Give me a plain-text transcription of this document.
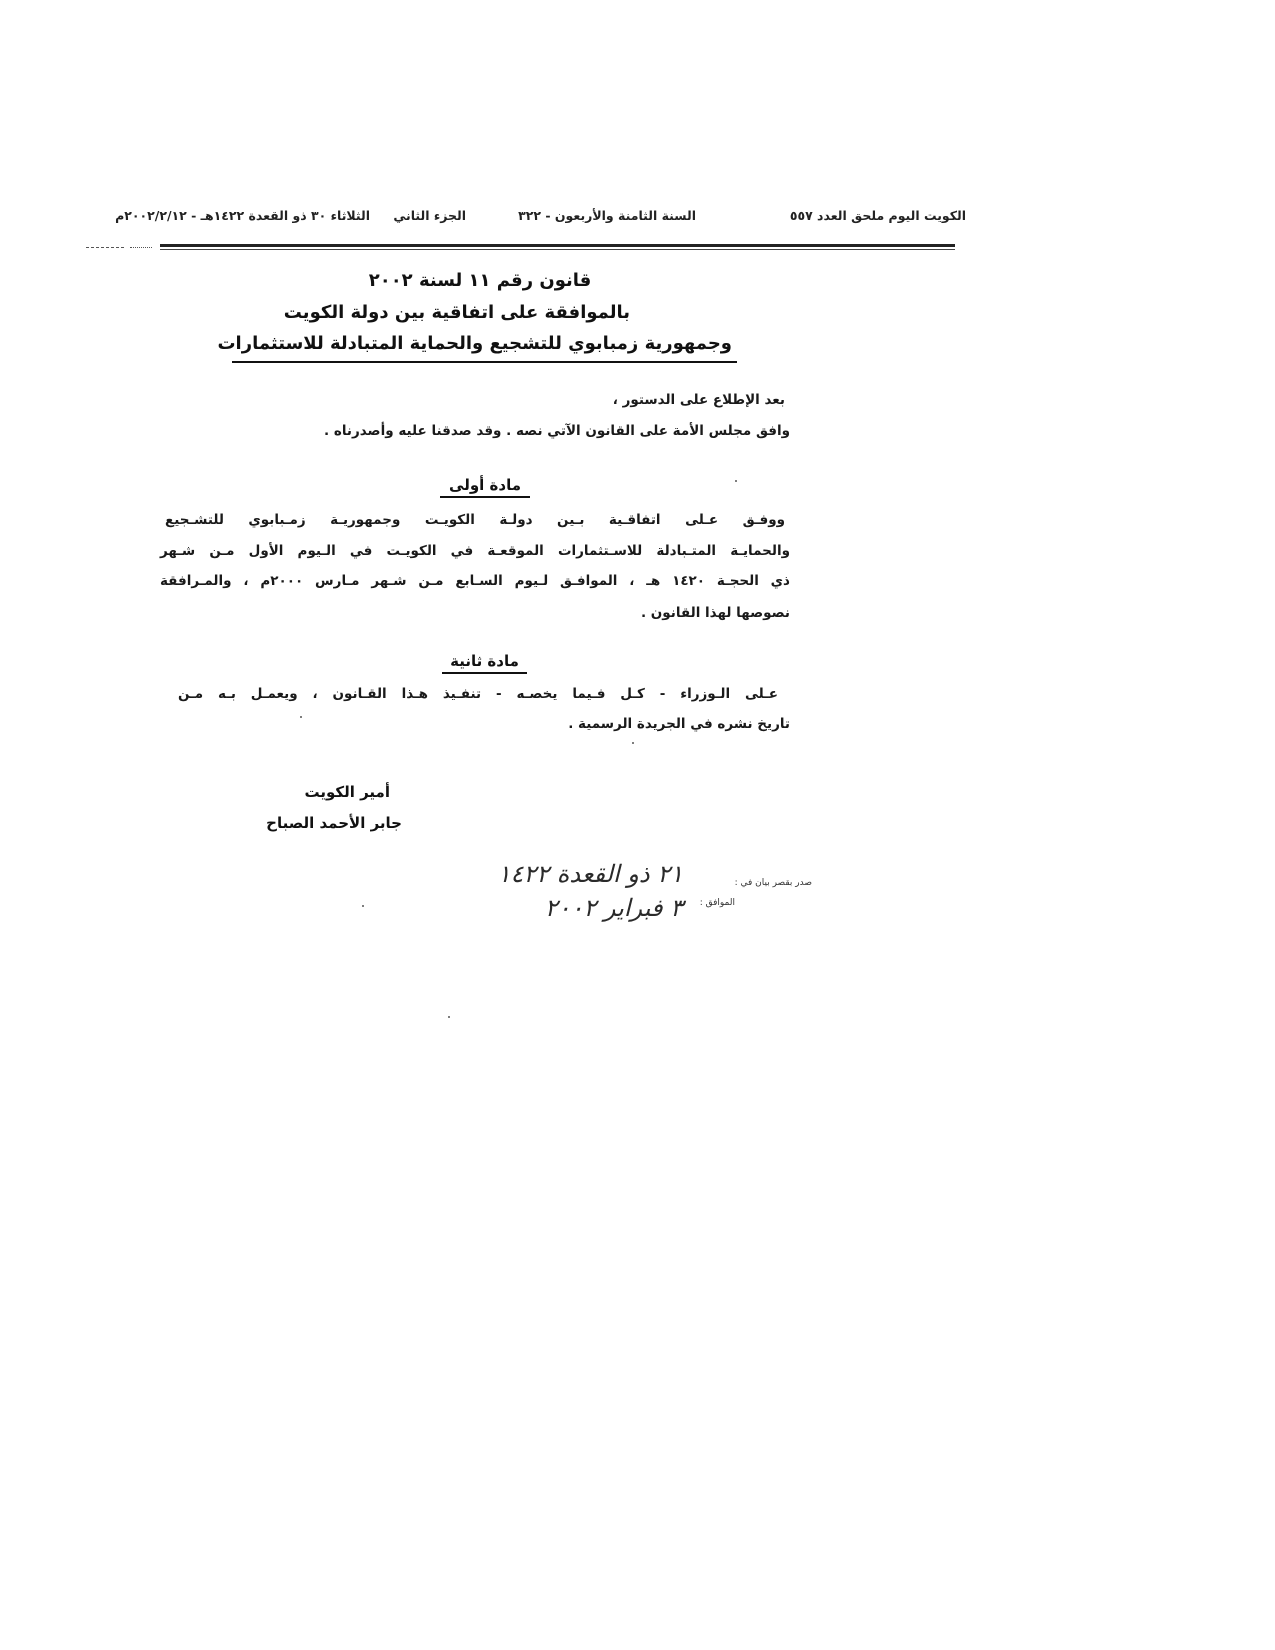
الكويت اليوم ملحق العدد ٥٥٧
السنة الثامنة والأربعون - ٣٢٢
الجزء الثاني
الثلاثاء ٣٠ ذو القعدة ١٤٢٢هـ - ٢٠٠٢/٢/١٢م
قانون رقم ١١ لسنة ٢٠٠٢
بالموافقة على اتفاقية بين دولة الكويت
وجمهورية زمبابوي للتشجيع والحماية المتبادلة للاستثمارات
بعد الإطلاع على الدستور ،
وافق مجلس الأمة على القانون الآتي نصه . وقد صدقنا عليه وأصدرناه .
مادة أولى
ووفـق عـلى اتفاقـية بـين دولـة الكويـت وجمهوريـة زمـبابوي للتشـجيع
والحمايـة المتـبادلة للاسـتثمارات الموقعـة في الكويـت في الـيوم الأول مـن شـهر
ذي الحجـة ١٤٢٠ هـ ، الموافـق لـيوم السـابع مـن شـهر مـارس ٢٠٠٠م ، والمـرافقة
نصوصها لهذا القانون .
مادة ثانية
عـلى الـوزراء - كـل فـيما يخصـه - تنفـيذ هـذا القـانون ، ويعمـل بـه مـن
تاريخ نشره في الجريدة الرسمية .
أمير الكويت
جابر الأحمد الصباح
صدر بقصر بيان في :
الموافق :
٢١ ذو القعدة ١٤٢٢
٣ فبراير ٢٠٠٢
